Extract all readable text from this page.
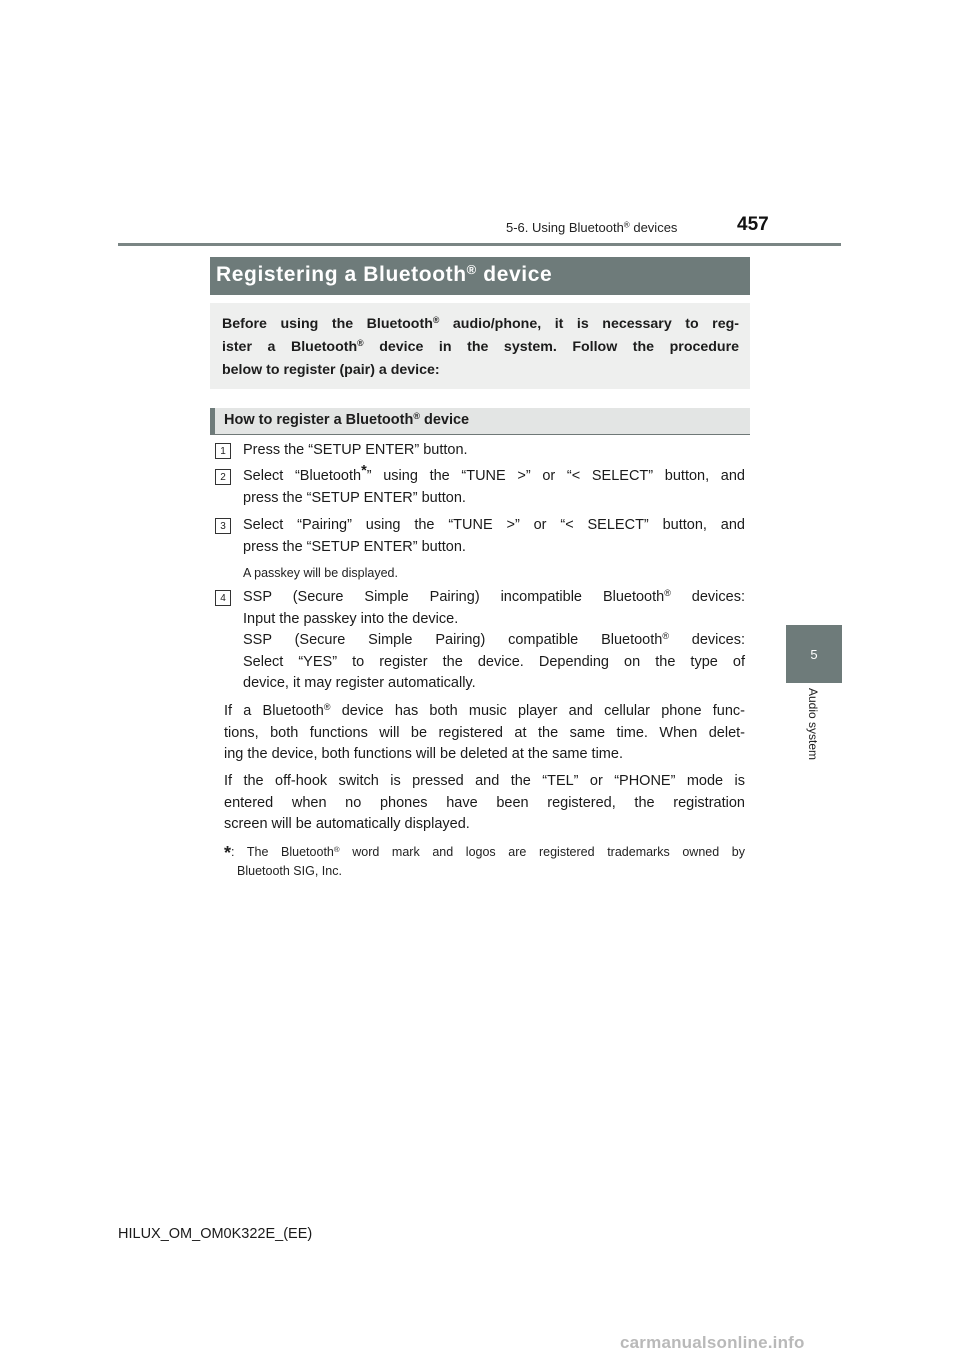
5-6. Using Bluetooth® devices	457
5
Audio system
Registering a Bluetooth® device
Before using the Bluetooth® audio/phone, it is necessary to reg-
ister a Bluetooth® device in the system. Follow the procedure
below to register (pair) a device:
How to register a Bluetooth® device
1	Press the “SETUP ENTER” button.
2	Select “Bluetooth*” using the “TUNE >” or “< SELECT” button, and
press the “SETUP ENTER” button.
3	Select “Pairing” using the “TUNE >” or “< SELECT” button, and
press the “SETUP ENTER” button.
A passkey will be displayed.
4	SSP (Secure Simple Pairing) incompatible Bluetooth® devices:
Input the passkey into the device.
SSP (Secure Simple Pairing) compatible Bluetooth® devices:
Select “YES” to register the device. Depending on the type of
device, it may register automatically.
If a Bluetooth® device has both music player and cellular phone func-
tions, both functions will be registered at the same time. When delet-
ing the device, both functions will be deleted at the same time.
If the off-hook switch is pressed and the “TEL” or “PHONE” mode is
entered when no phones have been registered, the registration
screen will be automatically displayed.
*: The Bluetooth® word mark and logos are registered trademarks owned by
Bluetooth SIG, Inc.
HILUX_OM_OM0K322E_(EE)
carmanualsonline.info
